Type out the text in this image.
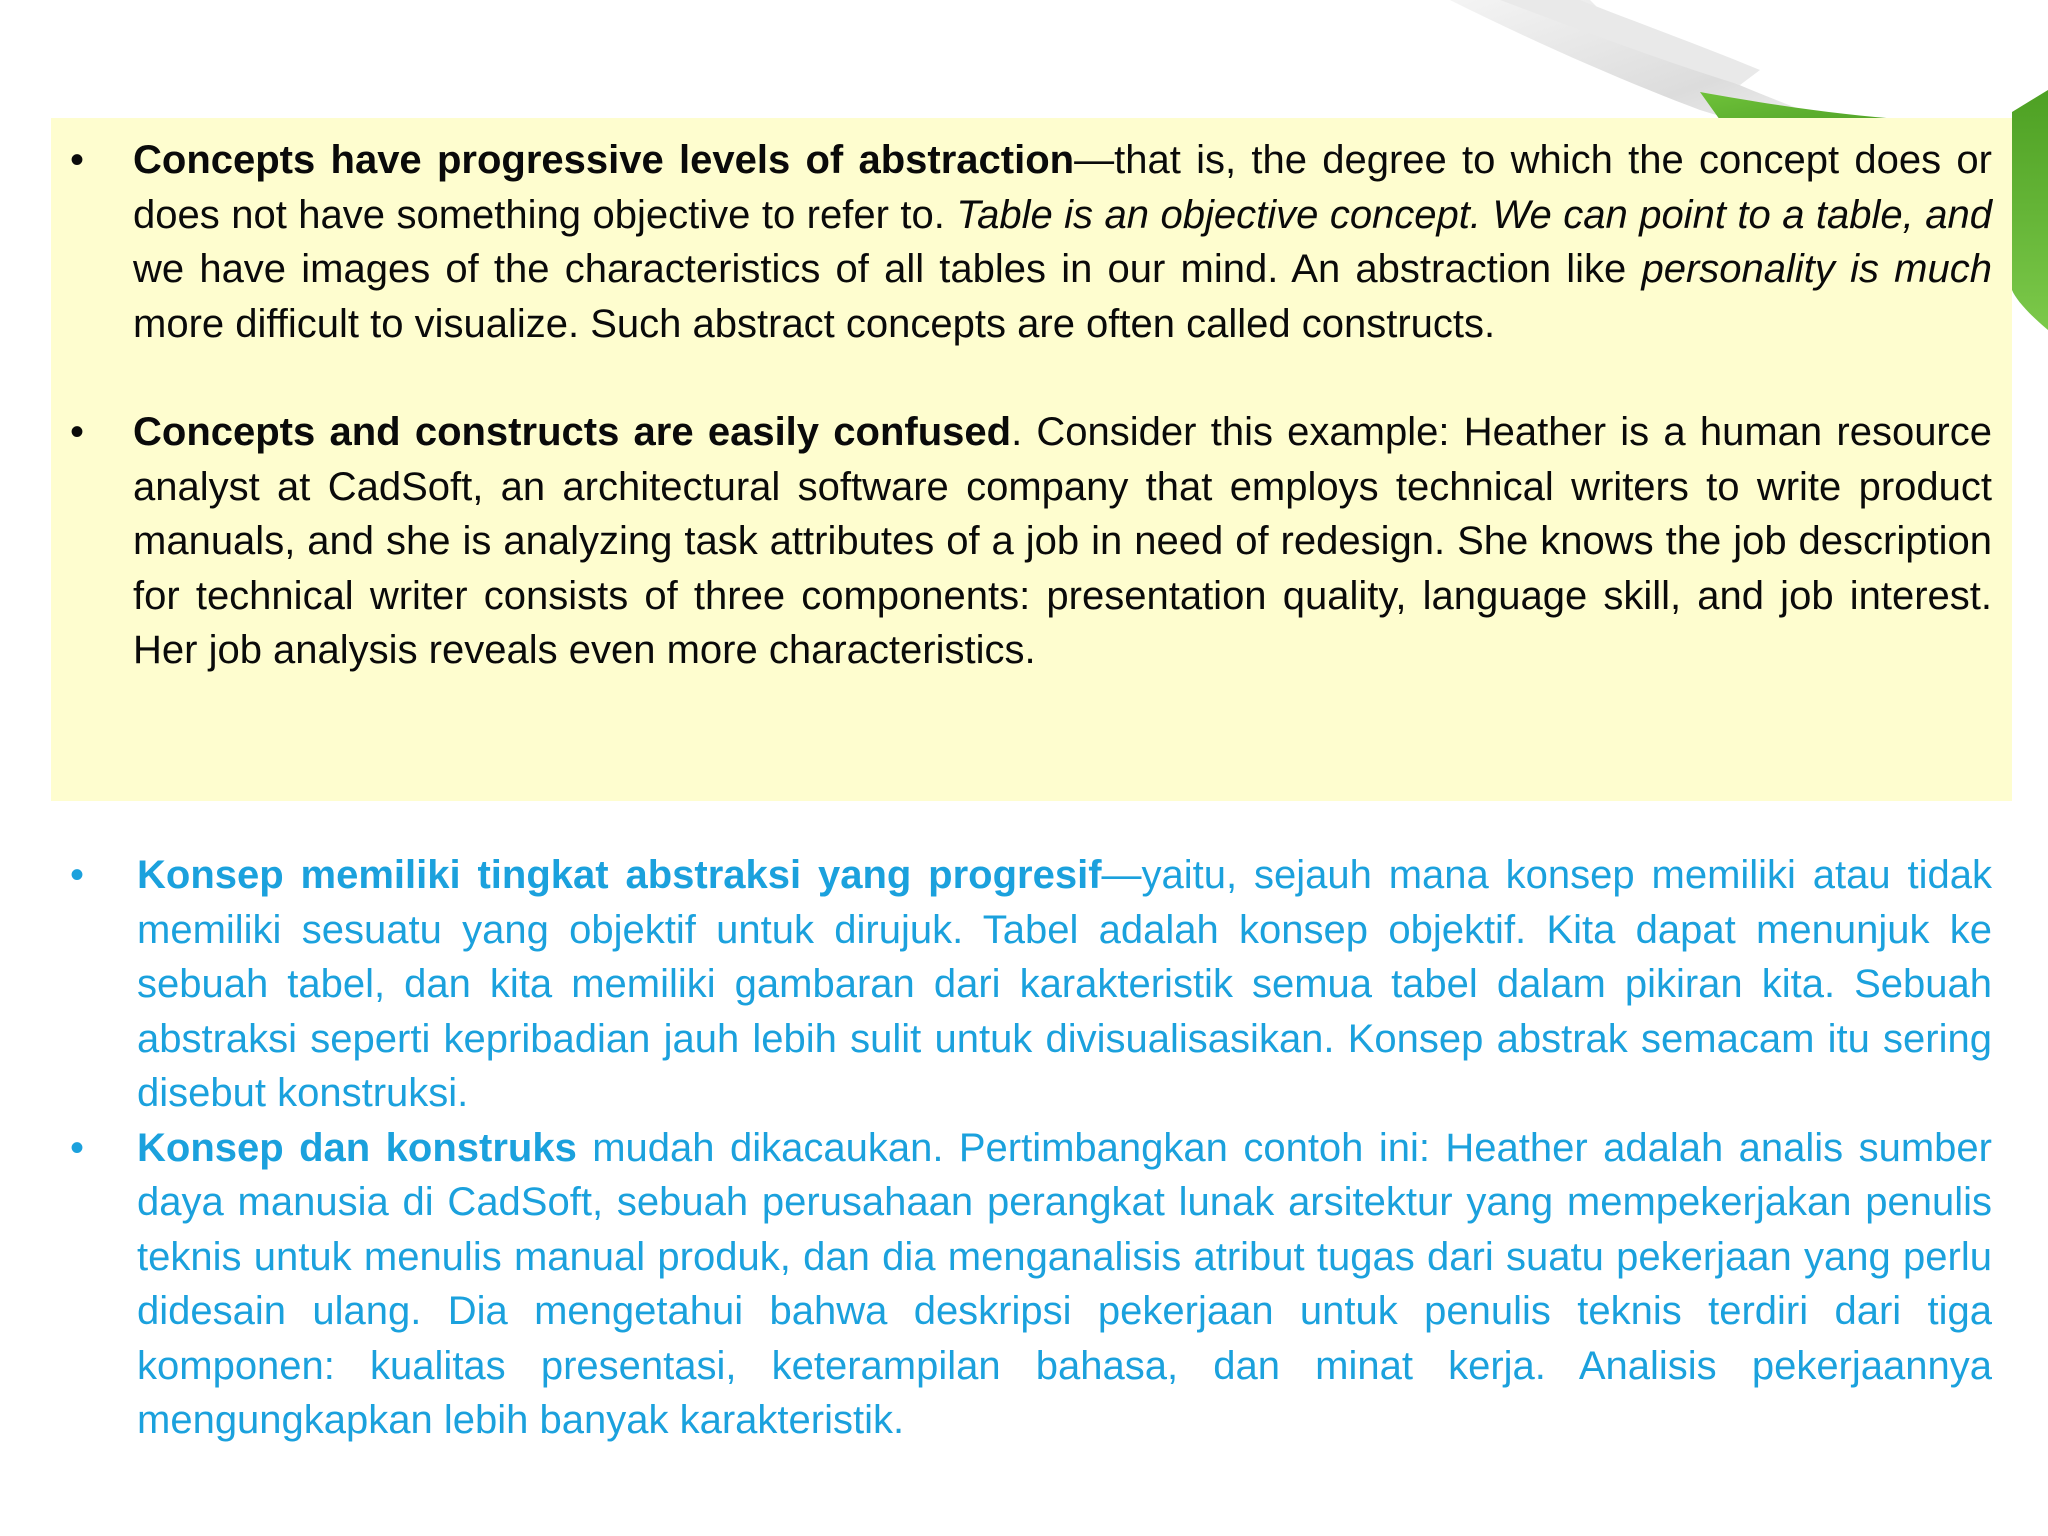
• Concepts have progressive levels of abstraction—that is, the degree to which the concept does or does not have something objective to refer to. Table is an objective concept. We can point to a table, and we have images of the characteristics of all tables in our mind. An abstraction like personality is much more difficult to visualize. Such abstract concepts are often called constructs.

• Concepts and constructs are easily confused. Consider this example: Heather is a human resource analyst at CadSoft, an architectural software company that employs technical writers to write product manuals, and she is analyzing task attributes of a job in need of redesign. She knows the job description for technical writer consists of three components: presentation quality, language skill, and job interest. Her job analysis reveals even more characteristics.

• Konsep memiliki tingkat abstraksi yang progresif—yaitu, sejauh mana konsep memiliki atau tidak memiliki sesuatu yang objektif untuk dirujuk. Tabel adalah konsep objektif. Kita dapat menunjuk ke sebuah tabel, dan kita memiliki gambaran dari karakteristik semua tabel dalam pikiran kita. Sebuah abstraksi seperti kepribadian jauh lebih sulit untuk divisualisasikan. Konsep abstrak semacam itu sering disebut konstruksi.

• Konsep dan konstruks mudah dikacaukan. Pertimbangkan contoh ini: Heather adalah analis sumber daya manusia di CadSoft, sebuah perusahaan perangkat lunak arsitektur yang mempekerjakan penulis teknis untuk menulis manual produk, dan dia menganalisis atribut tugas dari suatu pekerjaan yang perlu didesain ulang. Dia mengetahui bahwa deskripsi pekerjaan untuk penulis teknis terdiri dari tiga komponen: kualitas presentasi, keterampilan bahasa, dan minat kerja. Analisis pekerjaannya mengungkapkan lebih banyak karakteristik.
